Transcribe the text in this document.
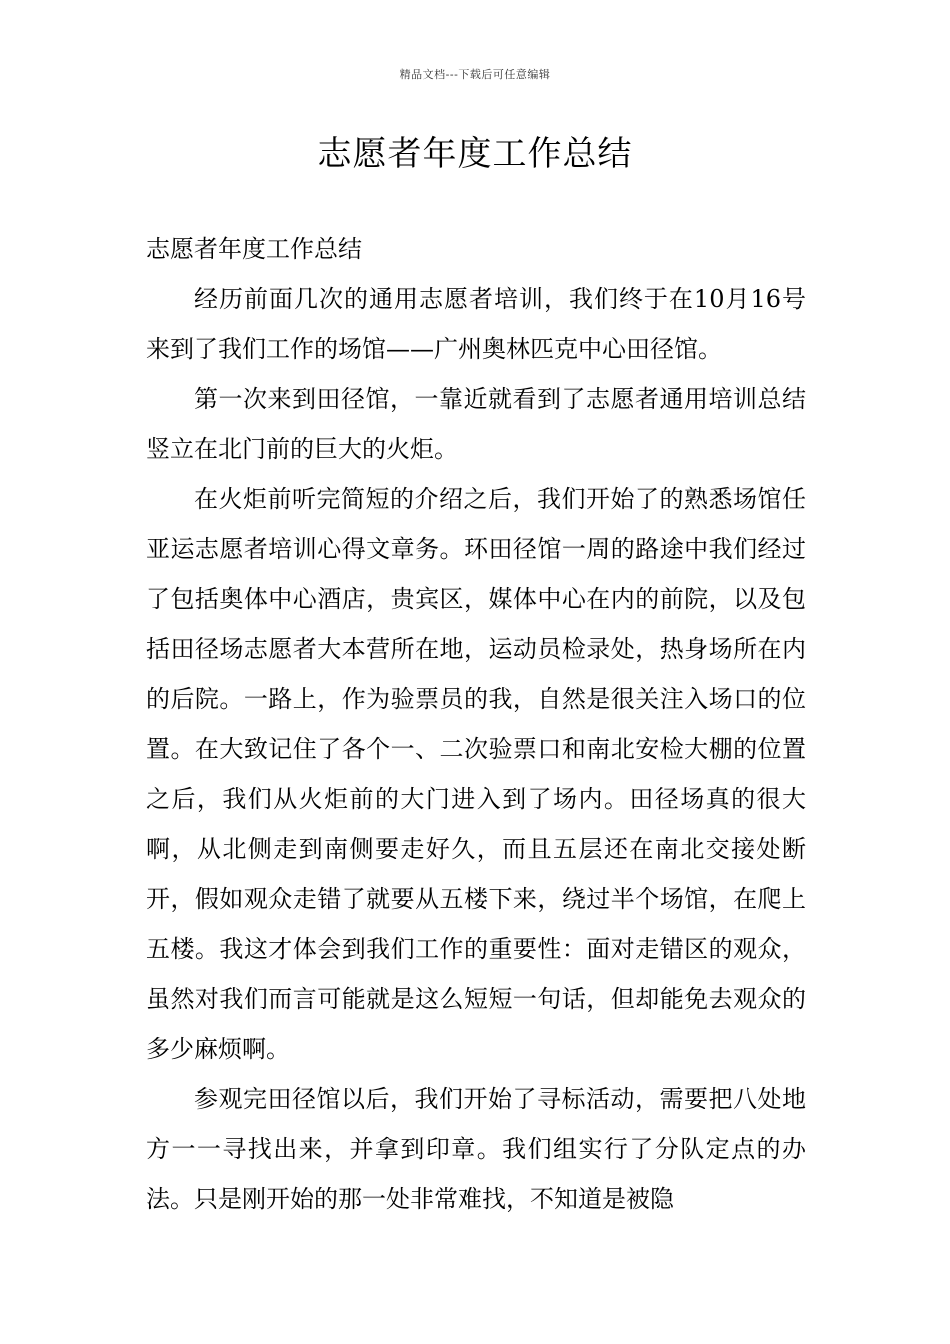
精品文档---下载后可任意编辑
志愿者年度工作总结

志愿者年度工作总结

经历前面几次的通用志愿者培训，我们终于在10月16号来到了我们工作的场馆——广州奥林匹克中心田径馆。

第一次来到田径馆，一靠近就看到了志愿者通用培训总结竖立在北门前的巨大的火炬。

在火炬前听完简短的介绍之后，我们开始了的熟悉场馆任亚运志愿者培训心得文章务。环田径馆一周的路途中我们经过了包括奥体中心酒店，贵宾区，媒体中心在内的前院，以及包括田径场志愿者大本营所在地，运动员检录处，热身场所在内的后院。一路上，作为验票员的我，自然是很关注入场口的位置。在大致记住了各个一、二次验票口和南北安检大棚的位置之后，我们从火炬前的大门进入到了场内。田径场真的很大啊，从北侧走到南侧要走好久，而且五层还在南北交接处断开，假如观众走错了就要从五楼下来，绕过半个场馆，在爬上五楼。我这才体会到我们工作的重要性：面对走错区的观众，虽然对我们而言可能就是这么短短一句话，但却能免去观众的多少麻烦啊。

参观完田径馆以后，我们开始了寻标活动，需要把八处地方一一寻找出来，并拿到印章。我们组实行了分队定点的办法。只是刚开始的那一处非常难找，不知道是被隐
